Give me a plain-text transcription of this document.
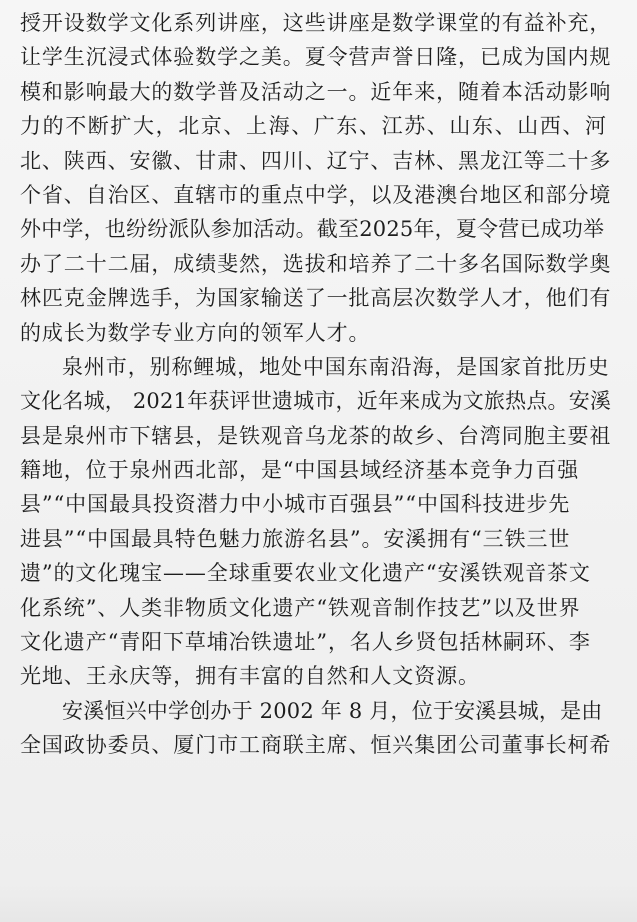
授开设数学文化系列讲座，这些讲座是数学课堂的有益补充，
让学生沉浸式体验数学之美。夏令营声誉日隆，已成为国内规
模和影响最大的数学普及活动之一。近年来，随着本活动影响
力的不断扩大，北京、上海、广东、江苏、山东、山西、河
北、陕西、安徽、甘肃、四川、辽宁、吉林、黑龙江等二十多
个省、自治区、直辖市的重点中学，以及港澳台地区和部分境
外中学，也纷纷派队参加活动。截至2025年，夏令营已成功举
办了二十二届，成绩斐然，选拔和培养了二十多名国际数学奥
林匹克金牌选手，为国家输送了一批高层次数学人才，他们有
的成长为数学专业方向的领军人才。
泉州市，别称鲤城，地处中国东南沿海，是国家首批历史
文化名城， 2021年获评世遗城市，近年来成为文旅热点。安溪
县是泉州市下辖县，是铁观音乌龙茶的故乡、台湾同胞主要祖
籍地，位于泉州西北部，是“中国县域经济基本竞争力百强
县”“中国最具投资潜力中小城市百强县”“中国科技进步先
进县”“中国最具特色魅力旅游名县”。安溪拥有“三铁三世
遗”的文化瑰宝——全球重要农业文化遗产“安溪铁观音茶文
化系统”、人类非物质文化遗产“铁观音制作技艺”以及世界
文化遗产“青阳下草埔冶铁遗址”，名人乡贤包括林嗣环、李
光地、王永庆等，拥有丰富的自然和人文资源。
安溪恒兴中学创办于 2002 年 8 月，位于安溪县城，是由
全国政协委员、厦门市工商联主席、恒兴集团公司董事长柯希
